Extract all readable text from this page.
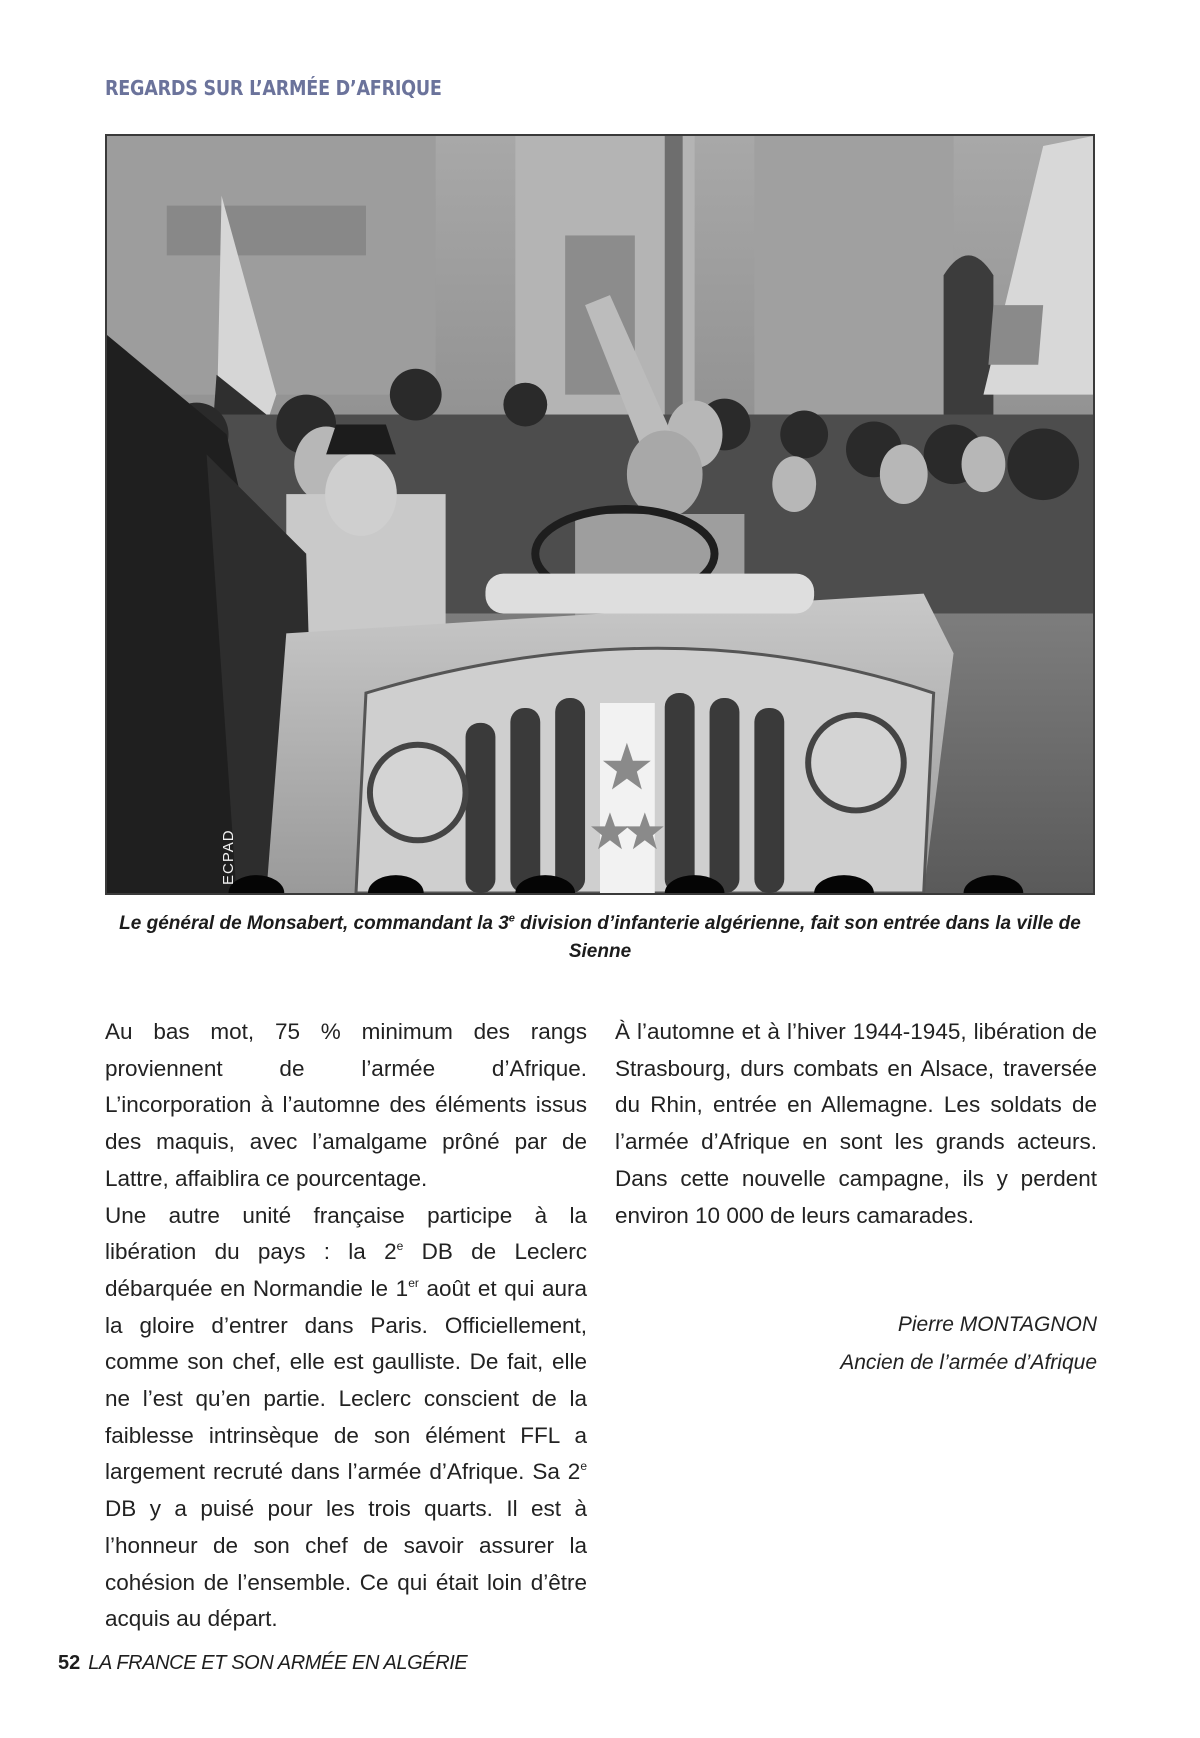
REGARDS SUR L’ARMÉE D’AFRIQUE
ECPAD
Le général de Monsabert, commandant la 3e division d’infanterie algérienne, fait son entrée dans la ville de Sienne

Au bas mot, 75 % minimum des rangs proviennent de l’armée d’Afrique. L’incorporation à l’automne des éléments issus des maquis, avec l’amalgame prôné par de Lattre, affaiblira ce pourcentage.

Une autre unité française participe à la libération du pays : la 2e DB de Leclerc débarquée en Normandie le 1er août et qui aura la gloire d’entrer dans Paris. Officiellement, comme son chef, elle est gaulliste. De fait, elle ne l’est qu’en partie. Leclerc conscient de la faiblesse intrinsèque de son élément FFL a largement recruté dans l’armée d’Afrique. Sa 2e DB y a puisé pour les trois quarts. Il est à l’honneur de son chef de savoir assurer la cohésion de l’ensemble. Ce qui était loin d’être acquis au départ.

À l’automne et à l’hiver 1944-1945, libération de Strasbourg, durs combats en Alsace, traversée du Rhin, entrée en Allemagne. Les soldats de l’armée d’Afrique en sont les grands acteurs. Dans cette nouvelle campagne, ils y perdent environ 10 000 de leurs camarades.

Pierre MONTAGNON
Ancien de l’armée d’Afrique
52 LA FRANCE ET SON ARMÉE EN ALGÉRIE
